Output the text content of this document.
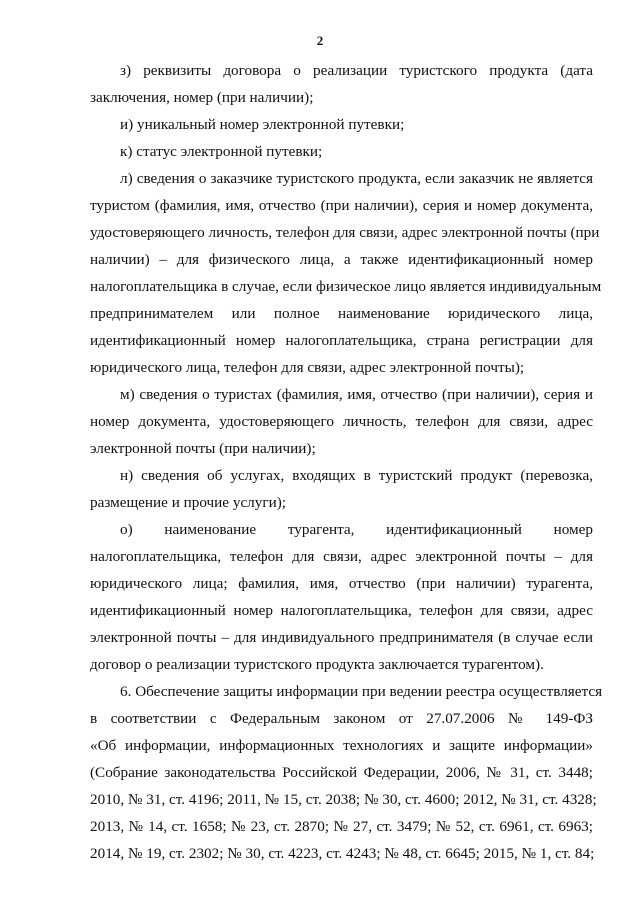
2
з) реквизиты договора о реализации туристского продукта (дата
заключения, номер (при наличии);
и) уникальный номер электронной путевки;
к) статус электронной путевки;
л) сведения о заказчике туристского продукта, если заказчик не является
туристом (фамилия, имя, отчество (при наличии), серия и номер документа,
удостоверяющего личность, телефон для связи, адрес электронной почты (при
наличии) – для физического лица, а также идентификационный номер
налогоплательщика в случае, если физическое лицо является индивидуальным
предпринимателем или полное наименование юридического лица,
идентификационный номер налогоплательщика, страна регистрации для
юридического лица, телефон для связи, адрес электронной почты);
м) сведения о туристах (фамилия, имя, отчество (при наличии), серия и
номер документа, удостоверяющего личность, телефон для связи, адрес
электронной почты (при наличии);
н) сведения об услугах, входящих в туристский продукт (перевозка,
размещение и прочие услуги);
о) наименование турагента, идентификационный номер
налогоплательщика, телефон для связи, адрес электронной почты – для
юридического лица; фамилия, имя, отчество (при наличии) турагента,
идентификационный номер налогоплательщика, телефон для связи, адрес
электронной почты – для индивидуального предпринимателя (в случае если
договор о реализации туристского продукта заключается турагентом).
6. Обеспечение защиты информации при ведении реестра осуществляется
в соответствии с Федеральным законом от 27.07.2006 № 149-ФЗ
«Об информации, информационных технологиях и защите информации»
(Собрание законодательства Российской Федерации, 2006, № 31, ст. 3448;
2010, № 31, ст. 4196; 2011, № 15, ст. 2038; № 30, ст. 4600; 2012, № 31, ст. 4328;
2013, № 14, ст. 1658; № 23, ст. 2870; № 27, ст. 3479; № 52, ст. 6961, ст. 6963;
2014, № 19, ст. 2302; № 30, ст. 4223, ст. 4243; № 48, ст. 6645; 2015, № 1, ст. 84;
